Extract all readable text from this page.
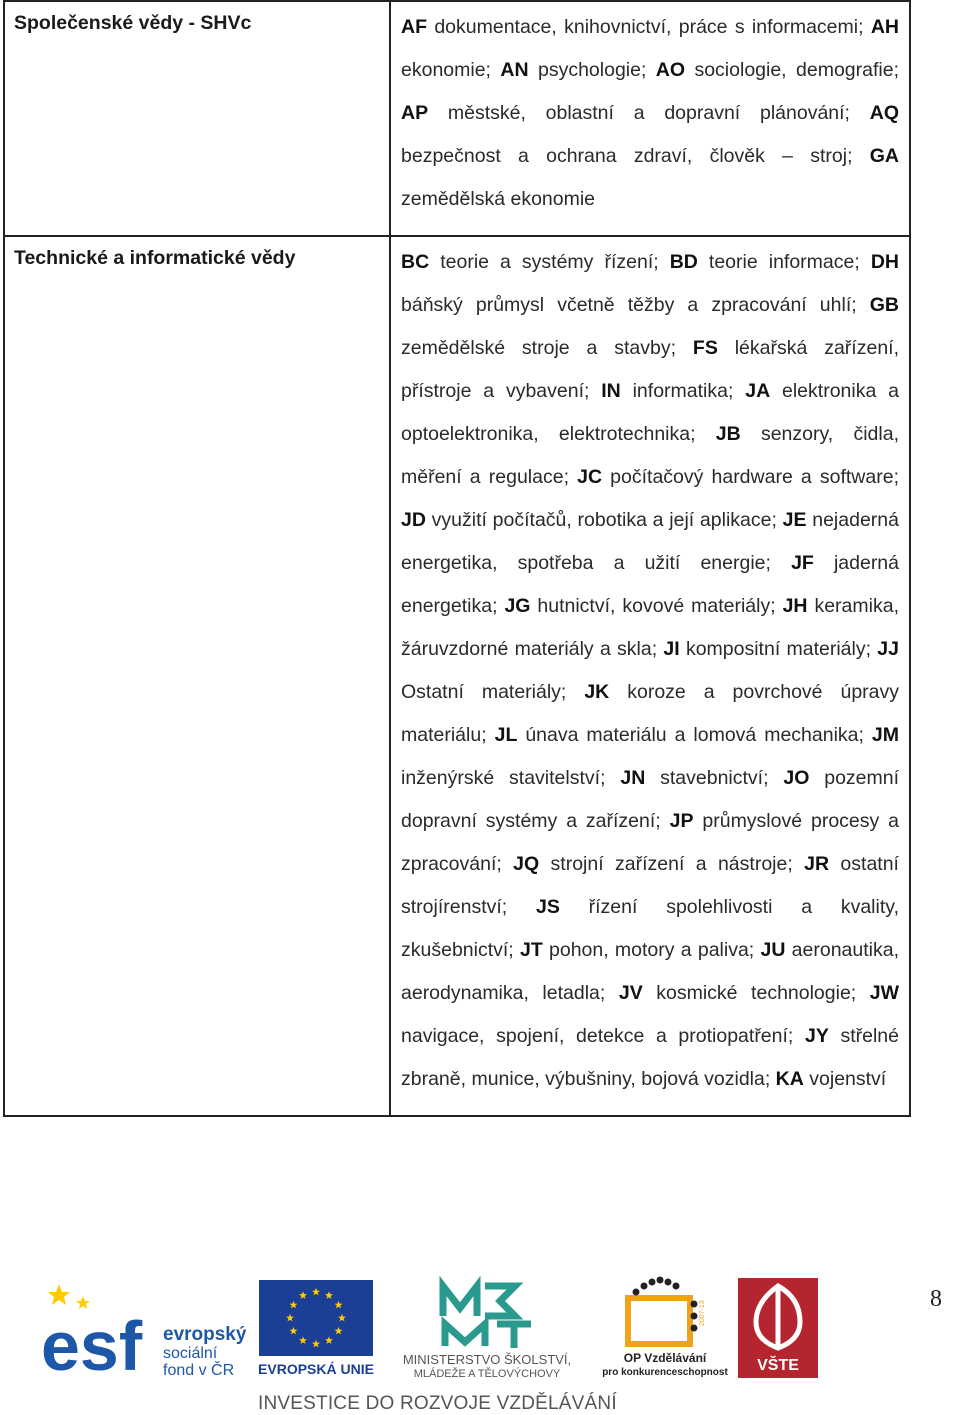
Společenské vědy - SHVc	AF dokumentace, knihovnictví, práce s informacemi; AH ekonomie; AN psychologie; AO sociologie, demografie; AP městské, oblastní a dopravní plánování; AQ bezpečnost a ochrana zdraví, člověk – stroj; GA zemědělská ekonomie
Technické a informatické vědy	BC teorie a systémy řízení; BD teorie informace; DH báňský průmysl včetně těžby a zpracování uhlí; GB zemědělské stroje a stavby; FS lékařská zařízení, přístroje a vybavení; IN informatika; JA elektronika a optoelektronika, elektrotechnika; JB senzory, čidla, měření a regulace; JC počítačový hardware a software; JD využití počítačů, robotika a její aplikace; JE nejaderná energetika, spotřeba a užití energie; JF jaderná energetika; JG hutnictví, kovové materiály; JH keramika, žáruvzdorné materiály a skla; JI kompositní materiály; JJ Ostatní materiály; JK koroze a povrchové úpravy materiálu; JL únava materiálu a lomová mechanika; JM inženýrské stavitelství; JN stavebnictví; JO pozemní dopravní systémy a zařízení; JP průmyslové procesy a zpracování; JQ strojní zařízení a nástroje; JR ostatní strojírenství; JS řízení spolehlivosti a kvality, zkušebnictví; JT pohon, motory a paliva; JU aeronautika, aerodynamika, letadla; JV kosmické technologie; JW navigace, spojení, detekce a protiopatření; JY střelné zbraně, munice, výbušniny, bojová vozidla; KA vojenství
esf evropský
sociální
fond v ČR EVROPSKÁ UNIE
MINISTERSTVO ŠKOLSTVÍ,
MLÁDEŽE A TĚLOVÝCHOVY
2007-13
OP Vzdělávání
pro konkurenceschopnost VŠTE
8
INVESTICE DO ROZVOJE VZDĚLÁVÁNÍ
